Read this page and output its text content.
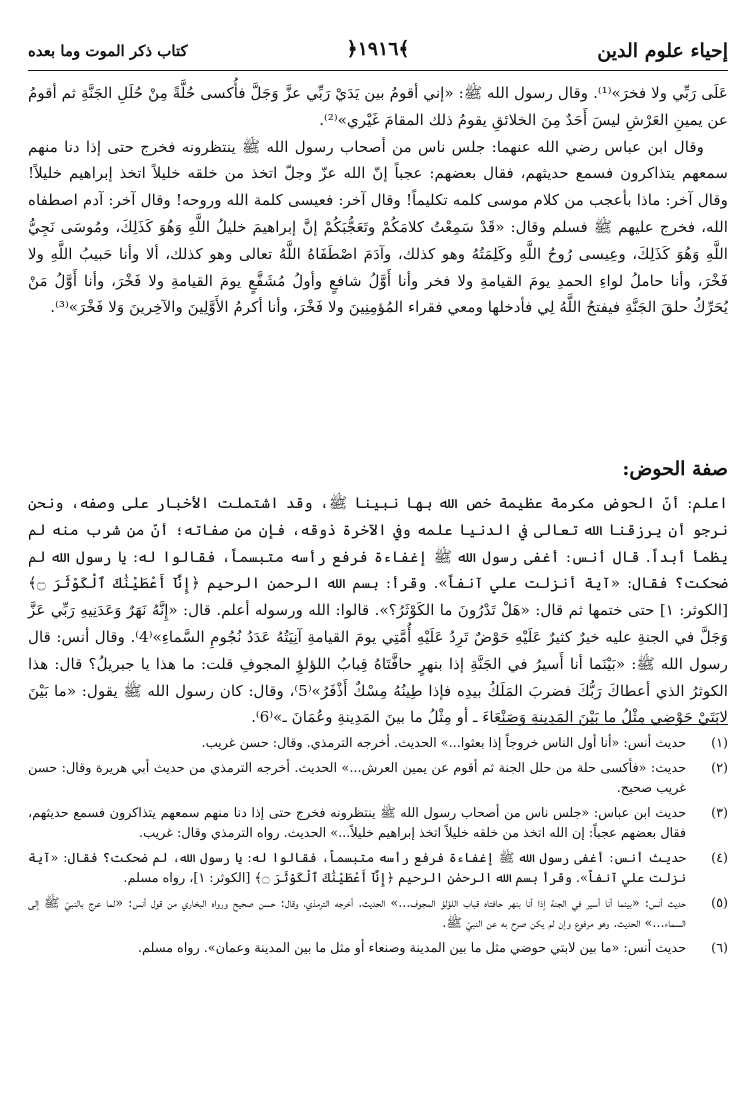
إحياء علوم الدين
﴿١٩١٦﴾
كتاب ذكر الموت وما بعده

عَلَى رَبِّي ولا فخرَ»⁽¹⁾. وقال رسول الله ﷺ: «إني أقومُ بين يَدَيْ رَبِّي عزَّ وَجَلَّ فأُكسى حُلَّةً مِنْ حُلَلِ الجَنَّةِ ثم أقومُ عن يمينِ العَرْشِ ليسَ أَحَدٌ مِنَ الخلائقِ يقومُ ذلك المقامَ غَيْري»⁽²⁾.

وقال ابن عباس رضي الله عنهما: جلس ناس من أصحاب رسول الله ﷺ ينتظرونه فخرج حتى إذا دنا منهم سمعهم يتذاكرون فسمع حديثهم، فقال بعضهم: عجباً إنّ الله عزّ وجلّ اتخذ من خلقه خليلاً اتخذ إبراهيم خليلاً! وقال آخر: ماذا بأعجب من كلام موسى كلمه تكليماً! وقال آخر: فعيسى كلمة الله وروحه! وقال آخر: آدم اصطفاه الله، فخرج عليهم ﷺ فسلم وقال: «قَدْ سَمِعْتُ كلامَكُمْ وتَعَجُّبَكُمْ إنَّ إبراهيمَ خليلُ اللَّهِ وَهُوَ كَذَلِكَ، ومُوسَى نَجِيُّ اللَّهِ وَهُوَ كَذَلِكَ، وعِيسى رُوحُ اللَّهِ وكَلِمَتُهُ وهو كذلك، وآدَمَ اصْطَفَاهُ اللَّهُ تعالى وهو كذلك، ألا وأنا حَبيبُ اللَّهِ ولا فَخْرَ، وأنا حاملُ لواءِ الحمدِ يومَ القيامةِ ولا فخر وأنا أَوَّلُ شافعٍ وأولُ مُشَفَّعٍ يومَ القيامةِ ولا فَخْرَ، وأنا أَوَّلُ مَنْ يُحَرِّكُ حلقَ الجَنَّةِ فيفتحُ اللَّهُ لِي فأدخلها ومعي فقراء المُؤمِنِينَ ولا فَخْرَ، وأنا أكرمُ الأَوَّلِينَ والآخِرينَ وَلا فَخْرَ»⁽³⁾.

صفة الحوض:

اعلم: أنّ الحوض مكرمة عظيمة خص الله بها نبينا ﷺ، وقد اشتملت الأخبار على وصفه، ونحن نرجو أن يرزقنا الله تعالى في الدنيا علمه وفي الآخرة ذوقه، فإن من صفاته؛ أنّ من شرب منه لم يظمأ أبداً. قال أنس: أغفى رسول الله ﷺ إغفاءة فرفع رأسه متبسماً، فقالوا له: يا رسول الله لم ضحكت؟ فقال: «آية أنزلت علي آنفاً». وقرأ: بسم الله الرحمن الرحيم ﴿إِنَّآ أَعْطَيْنَٰكَ ٱلْكَوْثَرَ ۝﴾ [الكوثر: ١] حتى ختمها ثم قال: «هَلْ تَدْرُونَ ما الكَوْثَرُ؟». قالوا: الله ورسوله أعلم. قال: «إِنَّهُ نَهَرٌ وَعَدَنِيهِ رَبِّي عَزَّ وَجَلَّ في الجنةِ عليه خيرٌ كثيرٌ عَلَيْهِ حَوْضٌ تَرِدُ عَلَيْهِ أُمَّتِي يومَ القيامةِ آنِيَتُهُ عَدَدُ نُجُومِ السَّماءِ»⁽4⁾. وقال أنس: قال رسول الله ﷺ: «بَيْنَما أنا أَسيرُ في الجَنَّةِ إذا بنهرٍ حافَّتَاهُ قِبابُ اللؤلؤِ المجوفِ قلت: ما هذا يا جبريلُ؟ قال: هذا الكوثرُ الذي أعطاكَ رَبُّكَ فضربَ المَلَكُ بيدِه فإذا طِينُهُ مِسْكٌ أَذْفَرُ»⁽5⁾، وقال: كان رسول الله ﷺ يقول: «ما بَيْنَ لابَتَيْ حَوْضِي مِثْلُ ما بَيْنَ المَدِينةِ وَصَنْعَاءَ ـ أو مِثْلُ ما بينَ المَدِينةِ وعُمَانَ ـ»⁽6⁾.

(١)
حديث أنس: «أنا أول الناس خروجاً إذا بعثوا...» الحديث. أخرجه الترمذي. وقال: حسن غريب.
(٢)
حديث: «فأكسى حلة من حلل الجنة ثم أقوم عن يمين العرش...» الحديث. أخرجه الترمذي من حديث أبي هريرة وقال: حسن غريب صحيح.
(٣)
حديث ابن عباس: «جلس ناس من أصحاب رسول الله ﷺ ينتظرونه فخرج حتى إذا دنا منهم سمعهم يتذاكرون فسمع حديثهم، فقال بعضهم عجباً: إن الله اتخذ من خلقه خليلاً اتخذ إبراهيم خليلاً...» الحديث. رواه الترمذي وقال: غريب.
(٤)
حديث أنس: أغفى رسول الله ﷺ إغفاءة فرفع رأسه متبسماً، فقالوا له: يا رسول الله، لم ضحكت؟ فقال: «آية نزلت علي آنفاً». وقرأ بسم الله الرحمٰن الرحيم ﴿إِنَّآ أَعْطَيْنَٰكَ ٱلْكَوْثَرَ ۝﴾ [الكوثر: ١]، رواه مسلم.
(٥)
حديث أنس: «بينما أنا أسير في الجنة إذا أنا بنهر حافتاه قباب اللؤلؤ المجوف...» الحديث. أخرجه الترمذي، وقال: حسن صحيح ورواه البخاري من قول أنس: «لما عرج بالنبيّ ﷺ إلى السماء...» الحديث. وهو مرفوع وإن لم يكن صرح به عن النبيّ ﷺ.
(٦)
حديث أنس: «ما بين لابتي حوضي مثل ما بين المدينة وصنعاء أو مثل ما بين المدينة وعمان». رواه مسلم.
